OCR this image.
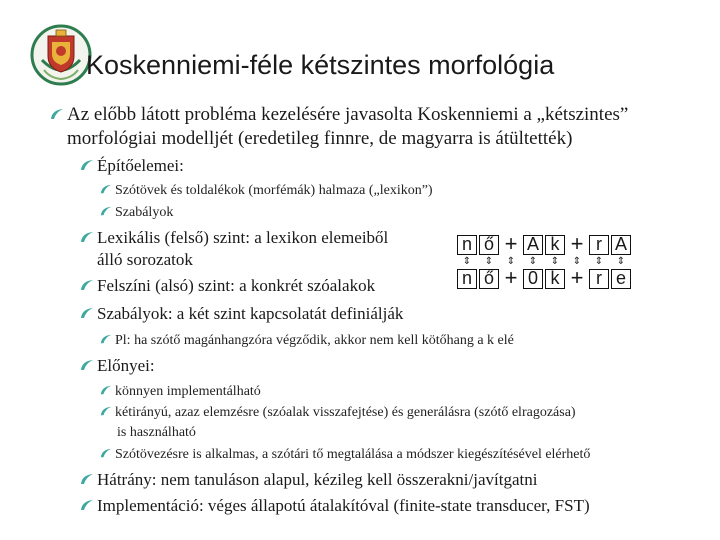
Koskenniemi-féle kétszintes morfológia
Az előbb látott probléma kezelésére javasolta Koskenniemi a „kétszintes”
morfológiai modelljét (eredetileg finnre, de magyarra is átültették)
Építőelemei:
Szótövek és toldalékok (morfémák) halmaza („lexikon”)
Szabályok
Lexikális (felső) szint: a lexikon elemeiből
álló sorozatok
Felszíni (alsó) szint: a konkrét szóalakok
Szabályok: a két szint kapcsolatát definiálják
Pl: ha szótő magánhangzóra végződik, akkor nem kell kötőhang a k elé
Előnyei:
könnyen implementálható
kétirányú, azaz elemzésre (szóalak visszafejtése) és generálásra (szótő elragozása)
is használható
Szótövezésre is alkalmas, a szótári tő megtalálása a módszer kiegészítésével elérhető
Hátrány: nem tanuláson alapul, kézileg kell összerakni/javítgatni
Implementáció: véges állapotú átalakítóval (finite-state transducer, FST)
n ő + A k + r A
⇕ ⇕ ⇕ ⇕ ⇕ ⇕ ⇕ ⇕
n ő + 0 k + r e
